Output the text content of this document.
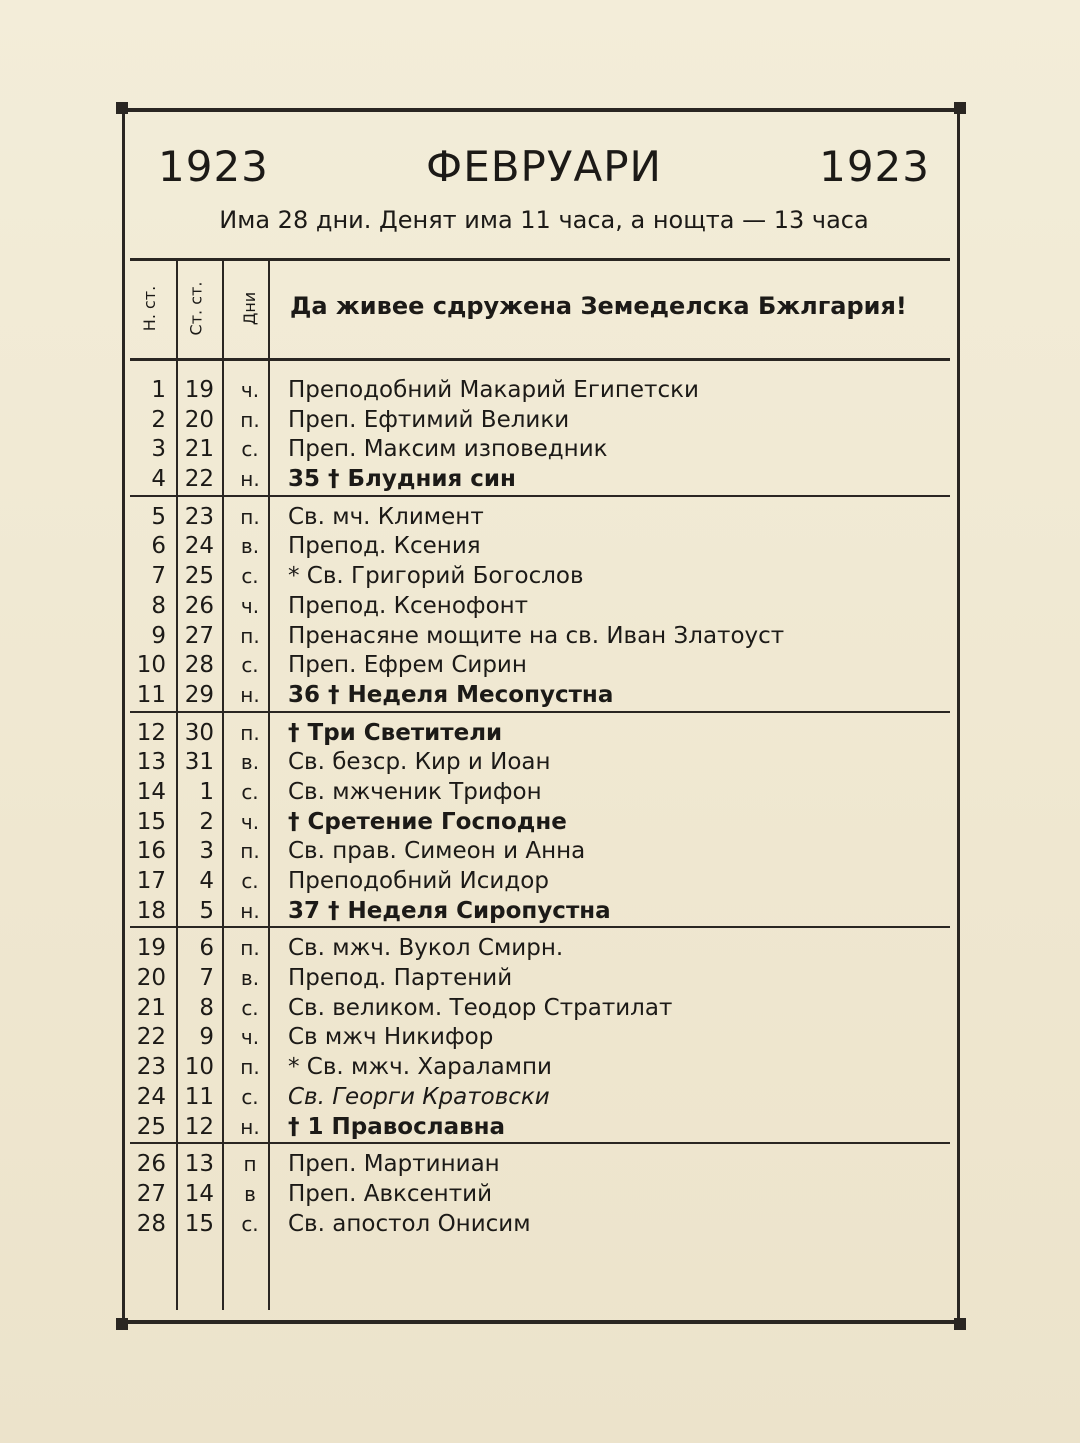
1923	ФЕВРУАРИ	1923
Има 28 дни. Денят има 11 часа, а нощта — 13 часа
Н. ст. Ст. ст. Дни Да живее сдружена Земеделска Бжлгария!
1 19	ч.	Преподобний Макарий Египетски
2 20	п. Преп. Ефтимий Велики
3 21	с.	Преп. Максим изповедник
4 22	н. 35 † Блудния син
5 23	п. Св. мч. Климент
6 24	в.	Препод. Ксения
7 25	с.	* Св. Григорий Богослов
8 26	ч.	Препод. Ксенофонт
9 27	п. Пренасяне мощите на св. Иван Златоуст
10 28	с.	Преп. Ефрем Сирин
11 29	н. 36 † Неделя Месопустна
12 30	п. † Три Светители
13 31	в.	Св. безср. Кир и Иоан
14	1	с.	Св. мжченик Трифон
15	2	ч.	† Сретение Господне
16	3	п. Св. прав. Симеон и Анна
17	4	с.	Преподобний Исидор
18	5	н. 37 † Неделя Сиропустна
19	6	п. Св. мжч. Вукол Смирн.
20	7	в.	Препод. Партений
21	8	с.	Св. великом. Теодор Стратилат
22	9	ч.	Св мжч Никифор
23 10	п. * Св. мжч. Харалампи
24 11	с.	Св. Георги Кратовски
25 12	н. † 1 Православна
26 13	п	Преп. Мартиниан
27 14	в	Преп. Авксентий
28 15	с.	Св. апостол Онисим
